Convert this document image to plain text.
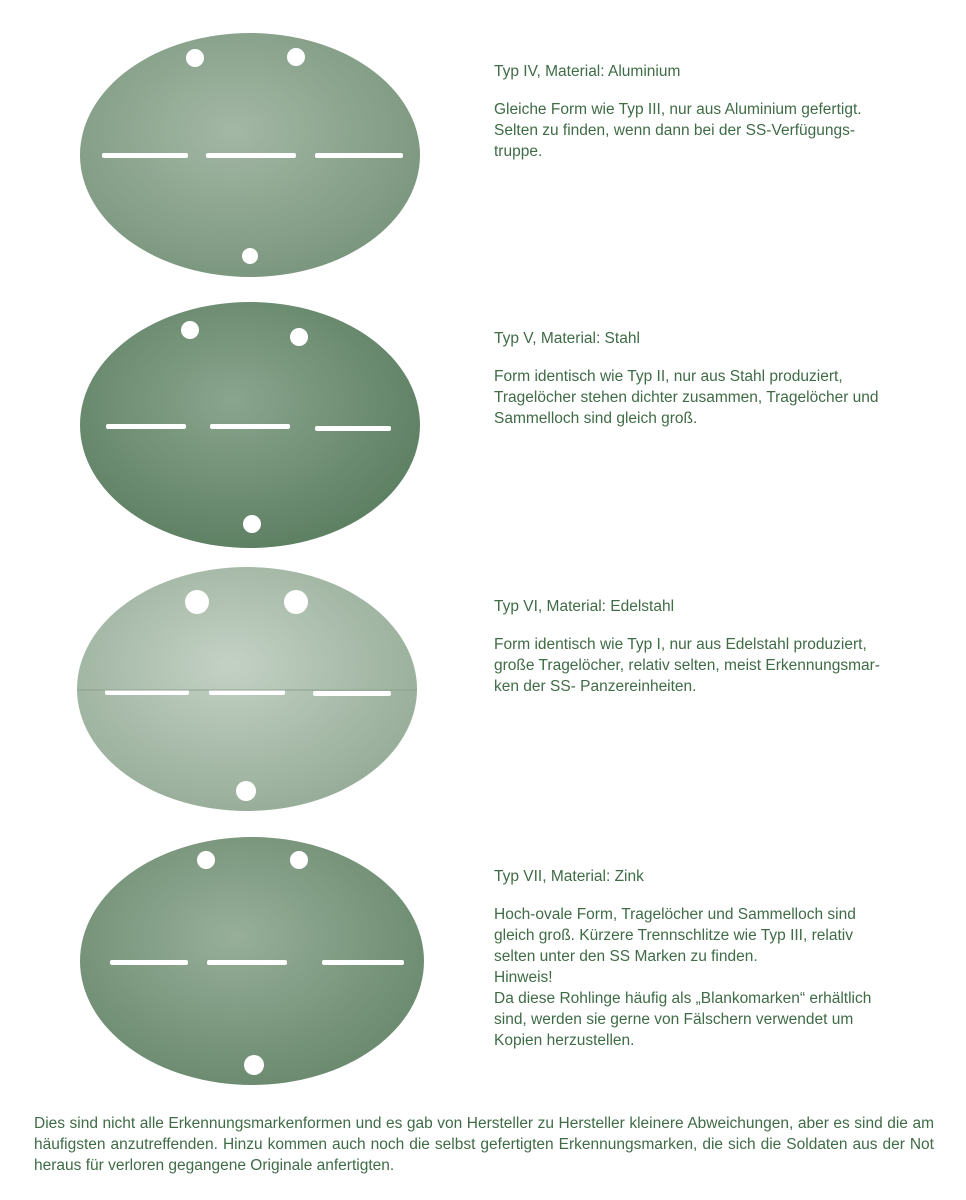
Typ IV, Material: Aluminium

Gleiche Form wie Typ III, nur aus Aluminium gefertigt.

Selten zu finden, wenn dann bei der SS-Verfügungs-

truppe.

Typ V, Material: Stahl

Form identisch wie Typ II, nur aus Stahl produziert,

Tragelöcher stehen dichter zusammen, Tragelöcher und

Sammelloch sind gleich groß.

Typ VI, Material: Edelstahl

Form identisch wie Typ I, nur aus Edelstahl produziert,

große Tragelöcher, relativ selten, meist Erkennungsmar-

ken der SS- Panzereinheiten.

Typ VII, Material: Zink

Hoch-ovale Form, Tragelöcher und Sammelloch sind

gleich groß. Kürzere Trennschlitze wie Typ III, relativ

selten unter den SS Marken zu finden.

Hinweis!

Da diese Rohlinge häufig als „Blankomarken“ erhältlich

sind, werden sie gerne von Fälschern verwendet um

Kopien herzustellen.

Dies sind nicht alle Erkennungsmarkenformen und es gab von Hersteller zu Hersteller kleinere Abweichungen, aber es sind die am häufigsten anzutreffenden. Hinzu kommen auch noch die selbst gefertigten Erkennungsmarken, die sich die Soldaten aus der Not heraus für verloren gegangene Originale anfertigten.
